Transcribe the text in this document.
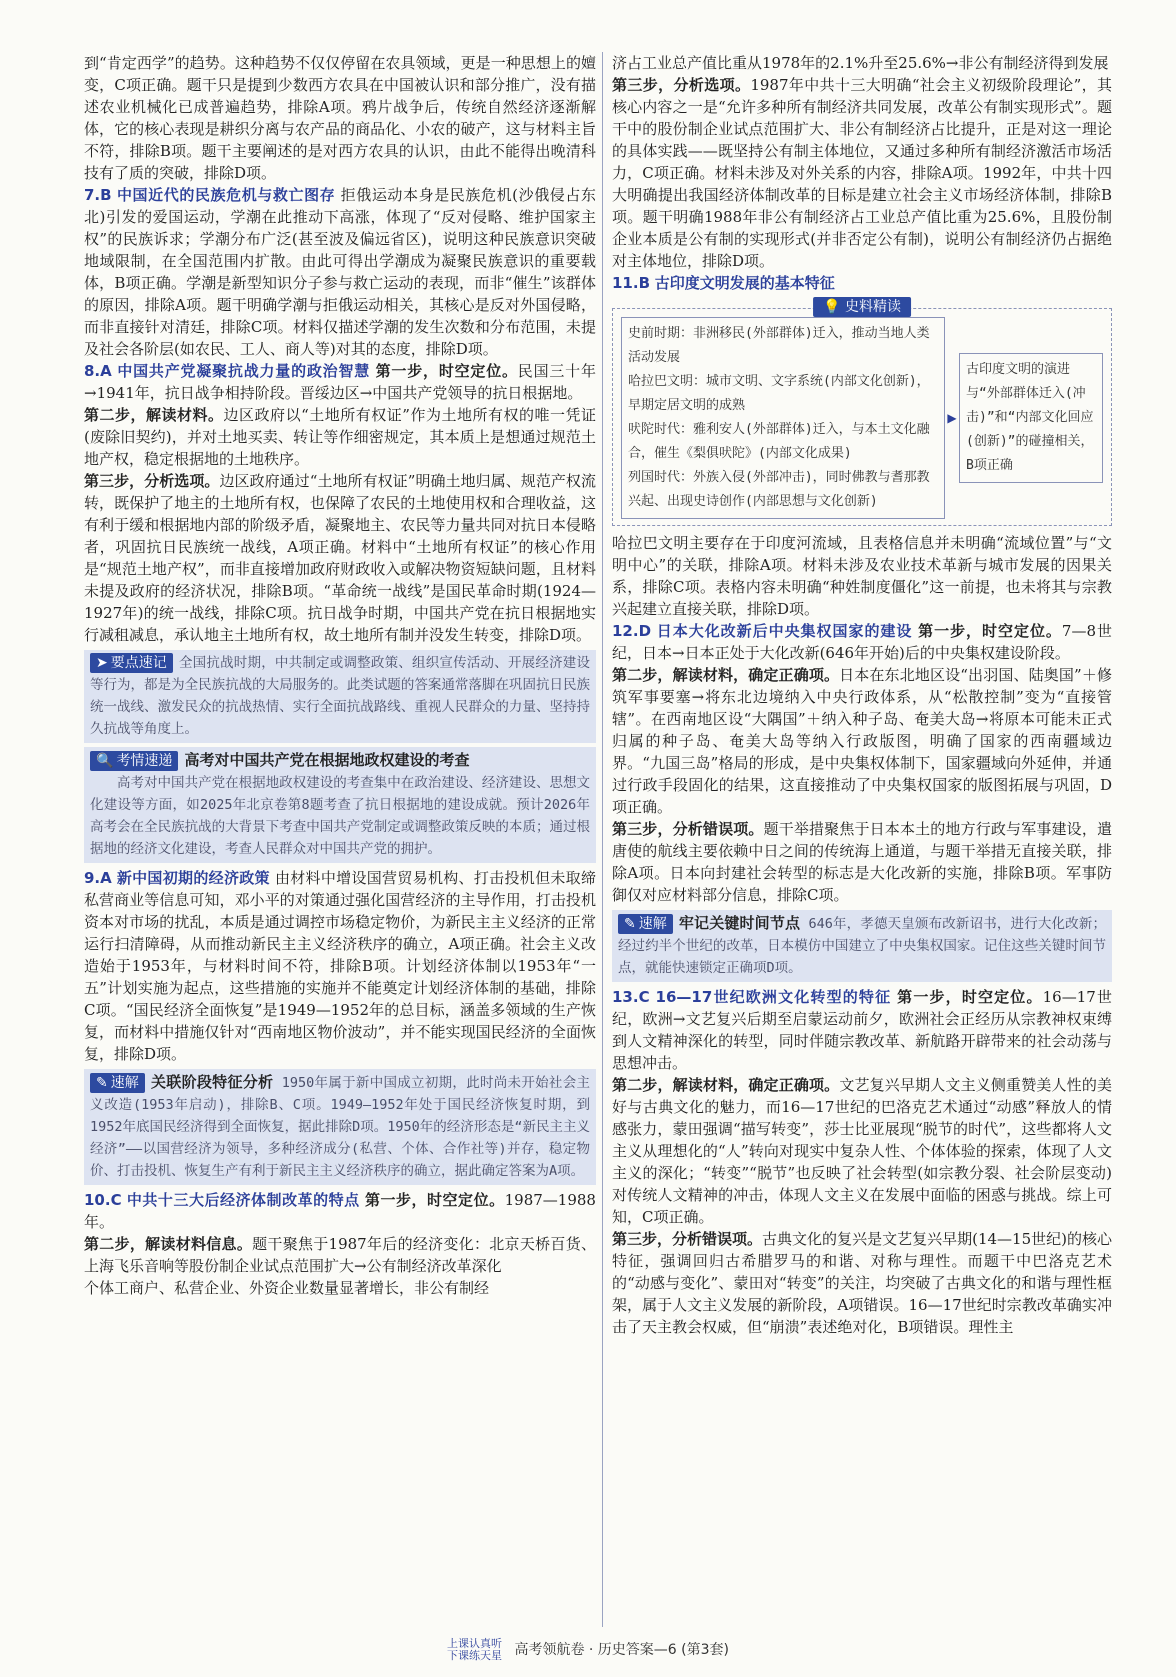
到“肯定西学”的趋势。这种趋势不仅仅停留在农具领域，更是一种思想上的嬗变，C项正确。题干只是提到少数西方农具在中国被认识和部分推广，没有描述农业机械化已成普遍趋势，排除A项。鸦片战争后，传统自然经济逐渐解体，它的核心表现是耕织分离与农产品的商品化、小农的破产，这与材料主旨不符，排除B项。题干主要阐述的是对西方农具的认识，由此不能得出晚清科技有了质的突破，排除D项。

7.B 中国近代的民族危机与救亡图存 拒俄运动本身是民族危机(沙俄侵占东北)引发的爱国运动，学潮在此推动下高涨，体现了“反对侵略、维护国家主权”的民族诉求；学潮分布广泛(甚至波及偏远省区)，说明这种民族意识突破地域限制，在全国范围内扩散。由此可得出学潮成为凝聚民族意识的重要载体，B项正确。学潮是新型知识分子参与救亡运动的表现，而非“催生”该群体的原因，排除A项。题干明确学潮与拒俄运动相关，其核心是反对外国侵略，而非直接针对清廷，排除C项。材料仅描述学潮的发生次数和分布范围，未提及社会各阶层(如农民、工人、商人等)对其的态度，排除D项。

8.A 中国共产党凝聚抗战力量的政治智慧 第一步，时空定位。民国三十年→1941年，抗日战争相持阶段。晋绥边区→中国共产党领导的抗日根据地。

第二步，解读材料。边区政府以“土地所有权证”作为土地所有权的唯一凭证(废除旧契约)，并对土地买卖、转让等作细密规定，其本质上是想通过规范土地产权，稳定根据地的土地秩序。

第三步，分析选项。边区政府通过“土地所有权证”明确土地归属、规范产权流转，既保护了地主的土地所有权，也保障了农民的土地使用权和合理收益，这有利于缓和根据地内部的阶级矛盾，凝聚地主、农民等力量共同对抗日本侵略者，巩固抗日民族统一战线，A项正确。材料中“土地所有权证”的核心作用是“规范土地产权”，而非直接增加政府财政收入或解决物资短缺问题，且材料未提及政府的经济状况，排除B项。“革命统一战线”是国民革命时期(1924—1927年)的统一战线，排除C项。抗日战争时期，中国共产党在抗日根据地实行减租减息，承认地主土地所有权，故土地所有制并没发生转变，排除D项。

➤ 要点速记 全国抗战时期，中共制定或调整政策、组织宣传活动、开展经济建设等行为，都是为全民族抗战的大局服务的。此类试题的答案通常落脚在巩固抗日民族统一战线、激发民众的抗战热情、实行全面抗战路线、重视人民群众的力量、坚持持久抗战等角度上。

🔍 考情速递 高考对中国共产党在根据地政权建设的考查

高考对中国共产党在根据地政权建设的考查集中在政治建设、经济建设、思想文化建设等方面，如2025年北京卷第8题考查了抗日根据地的建设成就。预计2026年高考会在全民族抗战的大背景下考查中国共产党制定或调整政策反映的本质；通过根据地的经济文化建设，考查人民群众对中国共产党的拥护。

9.A 新中国初期的经济政策 由材料中增设国营贸易机构、打击投机但未取缔私营商业等信息可知，邓小平的对策通过强化国营经济的主导作用，打击投机资本对市场的扰乱，本质是通过调控市场稳定物价，为新民主主义经济的正常运行扫清障碍，从而推动新民主主义经济秩序的确立，A项正确。社会主义改造始于1953年，与材料时间不符，排除B项。计划经济体制以1953年“一五”计划实施为起点，这些措施的实施并不能奠定计划经济体制的基础，排除C项。“国民经济全面恢复”是1949—1952年的总目标，涵盖多领域的生产恢复，而材料中措施仅针对“西南地区物价波动”，并不能实现国民经济的全面恢复，排除D项。

✎ 速解 关联阶段特征分析 1950年属于新中国成立初期，此时尚未开始社会主义改造(1953年启动)，排除B、C项。1949—1952年处于国民经济恢复时期，到1952年底国民经济得到全面恢复，据此排除D项。1950年的经济形态是“新民主主义经济”——以国营经济为领导，多种经济成分(私营、个体、合作社等)并存，稳定物价、打击投机、恢复生产有利于新民主主义经济秩序的确立，据此确定答案为A项。

10.C 中共十三大后经济体制改革的特点 第一步，时空定位。1987—1988年。

第二步，解读材料信息。题干聚焦于1987年后的经济变化：北京天桥百货、上海飞乐音响等股份制企业试点范围扩大→公有制经济改革深化

个体工商户、私营企业、外资企业数量显著增长，非公有制经

济占工业总产值比重从1978年的2.1%升至25.6%→非公有制经济得到发展

第三步，分析选项。1987年中共十三大明确“社会主义初级阶段理论”，其核心内容之一是“允许多种所有制经济共同发展，改革公有制实现形式”。题干中的股份制企业试点范围扩大、非公有制经济占比提升，正是对这一理论的具体实践——既坚持公有制主体地位，又通过多种所有制经济激活市场活力，C项正确。材料未涉及对外关系的内容，排除A项。1992年，中共十四大明确提出我国经济体制改革的目标是建立社会主义市场经济体制，排除B项。题干明确1988年非公有制经济占工业总产值比重为25.6%，且股份制企业本质是公有制的实现形式(并非否定公有制)，说明公有制经济仍占据绝对主体地位，排除D项。

11.B 古印度文明发展的基本特征

💡 史料精读

史前时期：非洲移民(外部群体)迁入，推动当地人类活动发展

哈拉巴文明：城市文明、文字系统(内部文化创新)，早期定居文明的成熟

吠陀时代：雅利安人(外部群体)迁入，与本土文化融合，催生《梨俱吠陀》(内部文化成果)

列国时代：外族入侵(外部冲击)，同时佛教与耆那教兴起、出现史诗创作(内部思想与文化创新)

▶

古印度文明的演进与“外部群体迁入(冲击)”和“内部文化回应(创新)”的碰撞相关，B项正确

哈拉巴文明主要存在于印度河流域，且表格信息并未明确“流域位置”与“文明中心”的关联，排除A项。材料未涉及农业技术革新与城市发展的因果关系，排除C项。表格内容未明确“种姓制度僵化”这一前提，也未将其与宗教兴起建立直接关联，排除D项。

12.D 日本大化改新后中央集权国家的建设 第一步，时空定位。7—8世纪，日本→日本正处于大化改新(646年开始)后的中央集权建设阶段。

第二步，解读材料，确定正确项。日本在东北地区设“出羽国、陆奥国”＋修筑军事要塞→将东北边境纳入中央行政体系，从“松散控制”变为“直接管辖”。在西南地区设“大隅国”＋纳入种子岛、奄美大岛→将原本可能未正式归属的种子岛、奄美大岛等纳入行政版图，明确了国家的西南疆域边界。“九国三岛”格局的形成，是中央集权体制下，国家疆域向外延伸，并通过行政手段固化的结果，这直接推动了中央集权国家的版图拓展与巩固，D项正确。

第三步，分析错误项。题干举措聚焦于日本本土的地方行政与军事建设，遣唐使的航线主要依赖中日之间的传统海上通道，与题干举措无直接关联，排除A项。日本向封建社会转型的标志是大化改新的实施，排除B项。军事防御仅对应材料部分信息，排除C项。

✎ 速解 牢记关键时间节点 646年，孝德天皇颁布改新诏书，进行大化改新；经过约半个世纪的改革，日本模仿中国建立了中央集权国家。记住这些关键时间节点，就能快速锁定正确项D项。

13.C 16—17世纪欧洲文化转型的特征 第一步，时空定位。16—17世纪，欧洲→文艺复兴后期至启蒙运动前夕，欧洲社会正经历从宗教神权束缚到人文精神深化的转型，同时伴随宗教改革、新航路开辟带来的社会动荡与思想冲击。

第二步，解读材料，确定正确项。文艺复兴早期人文主义侧重赞美人性的美好与古典文化的魅力，而16—17世纪的巴洛克艺术通过“动感”释放人的情感张力，蒙田强调“描写转变”，莎士比亚展现“脱节的时代”，这些都将人文主义从理想化的“人”转向对现实中复杂人性、个体体验的探索，体现了人文主义的深化；“转变”“脱节”也反映了社会转型(如宗教分裂、社会阶层变动)对传统人文精神的冲击，体现人文主义在发展中面临的困惑与挑战。综上可知，C项正确。

第三步，分析错误项。古典文化的复兴是文艺复兴早期(14—15世纪)的核心特征，强调回归古希腊罗马的和谐、对称与理性。而题干中巴洛克艺术的“动感与变化”、蒙田对“转变”的关注，均突破了古典文化的和谐与理性框架，属于人文主义发展的新阶段，A项错误。16—17世纪时宗教改革确实冲击了天主教会权威，但“崩溃”表述绝对化，B项错误。理性主

上课认真听
下课练天星 高考领航卷 · 历史答案—6 (第3套)
